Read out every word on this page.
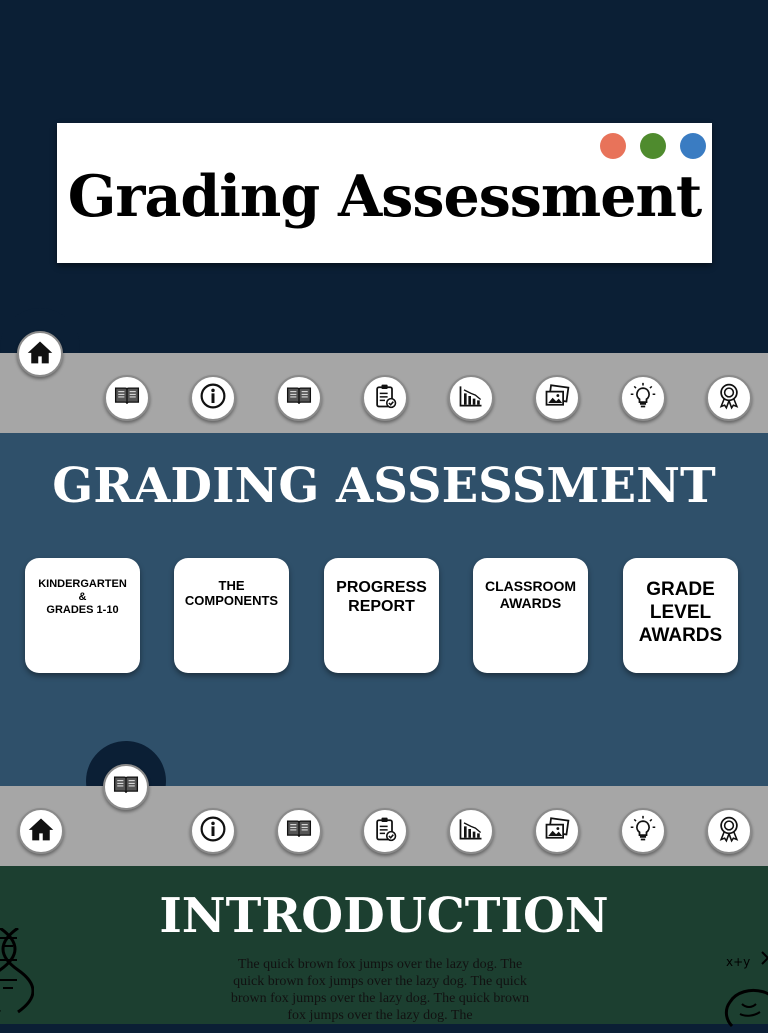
Grading Assessment
GRADING ASSESSMENT
KINDERGARTEN
&
GRADES 1-10
THE
COMPONENTS
PROGRESS
REPORT
CLASSROOM
AWARDS
GRADE
LEVEL
AWARDS
x+y
INTRODUCTION

The quick brown fox jumps over the lazy dog. The quick brown fox jumps over the lazy dog. The quick brown fox jumps over the lazy dog. The quick brown fox jumps over the lazy dog. The
